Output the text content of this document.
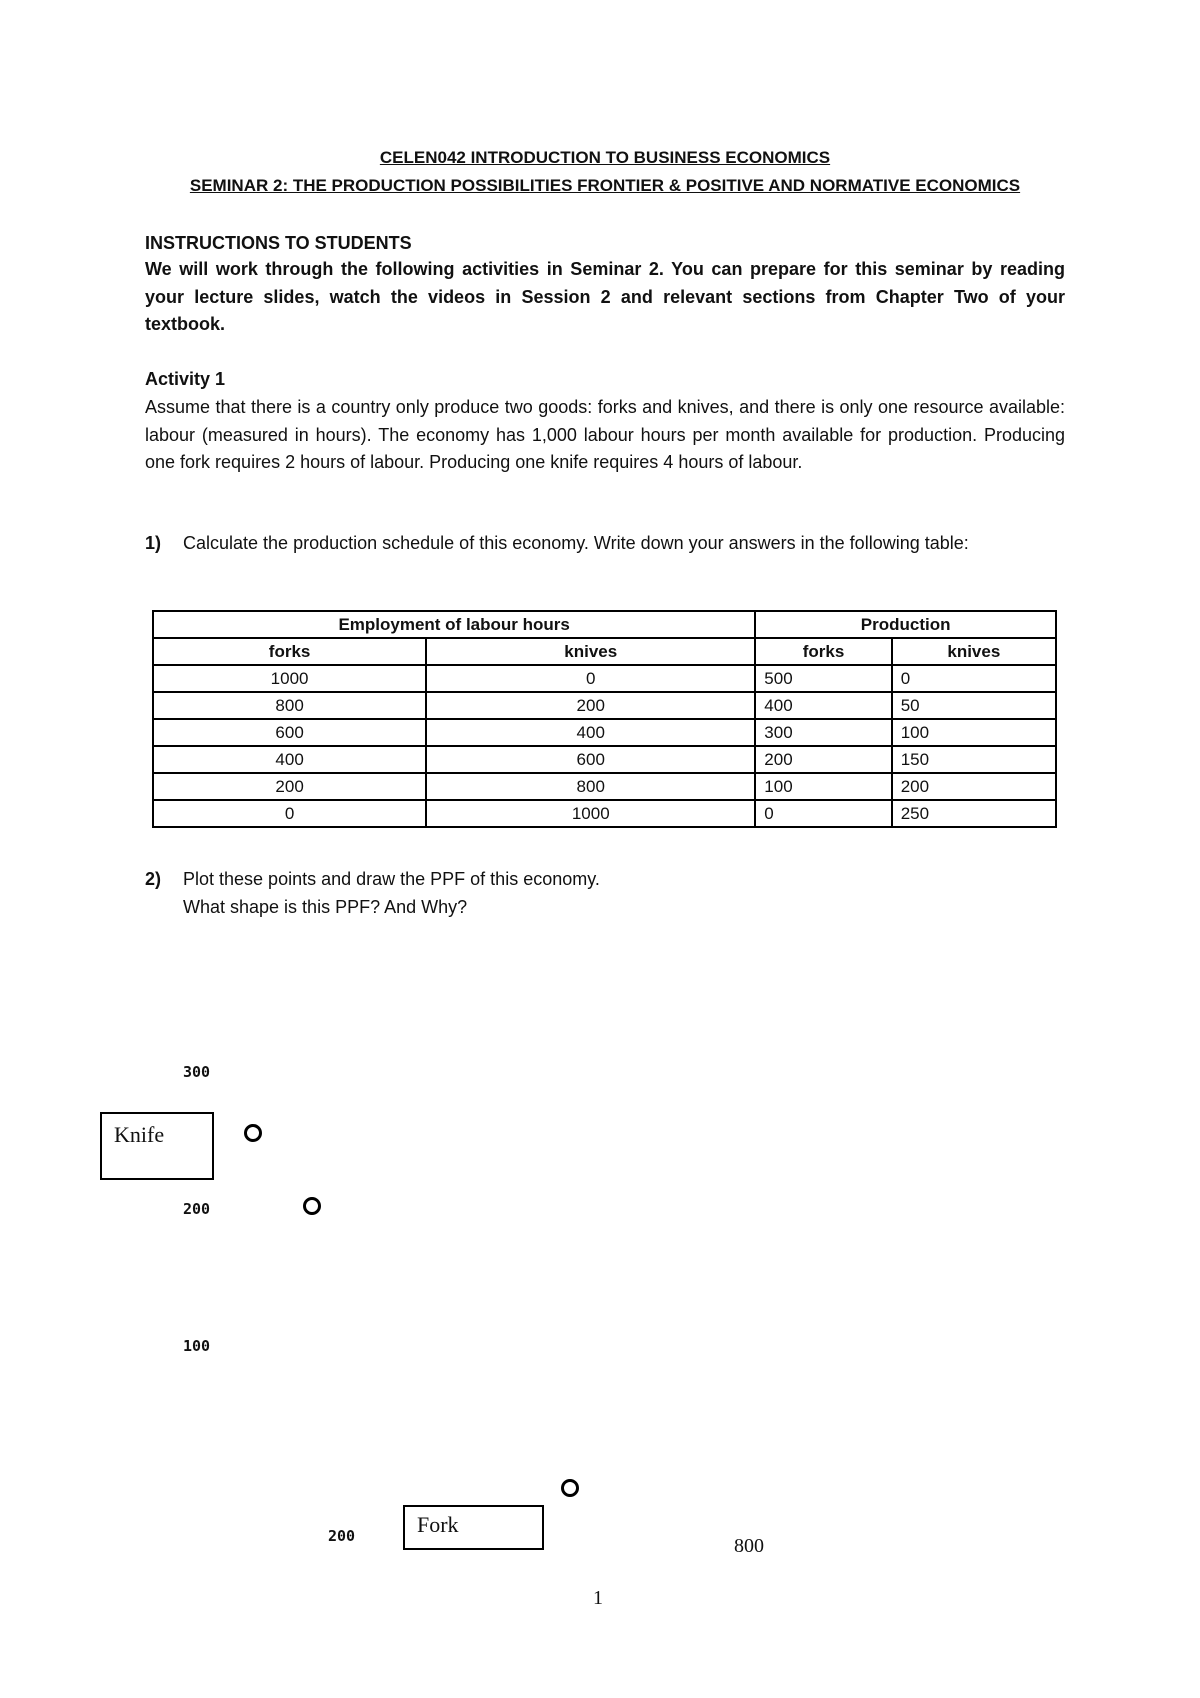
CELEN042 INTRODUCTION TO BUSINESS ECONOMICS
SEMINAR 2: THE PRODUCTION POSSIBILITIES FRONTIER & POSITIVE AND NORMATIVE ECONOMICS
INSTRUCTIONS TO STUDENTS
We will work through the following activities in Seminar 2. You can prepare for this seminar by reading your lecture slides, watch the videos in Session 2 and relevant sections from Chapter Two of your textbook.
Activity 1
Assume that there is a country only produce two goods: forks and knives, and there is only one resource available: labour (measured in hours). The economy has 1,000 labour hours per month available for production. Producing one fork requires 2 hours of labour. Producing one knife requires 4 hours of labour.
1)	Calculate the production schedule of this economy. Write down your answers in the following table:
Employment of labour hours		Production	
forks	knives	forks	knives
1000	0	500	0
800	200	400	50
600	400	300	100
400	600	200	150
200	800	100	200
0	1000	0	250
2)	Plot these points and draw the PPF of this economy.
What shape is this PPF? And Why?
300
Knife
200
100
200	Fork
800
1
